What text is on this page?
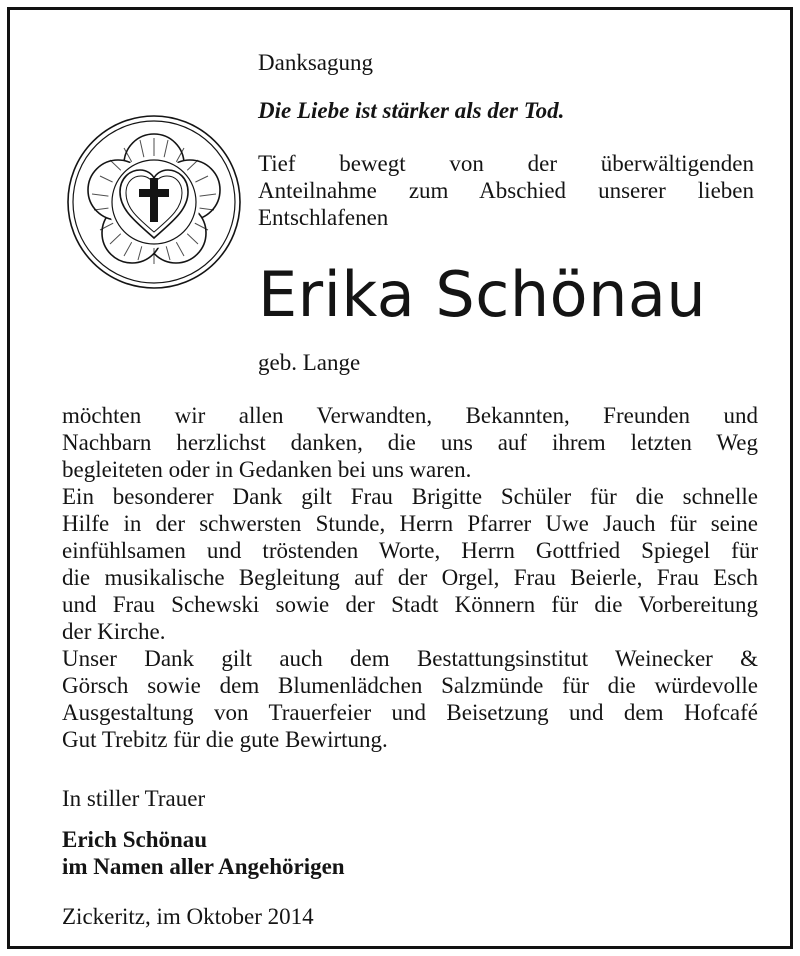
Danksagung

Die Liebe ist stärker als der Tod.

Tief bewegt von der überwältigenden
Anteilnahme zum Abschied unserer lieben
Entschlafenen

Erika Schönau

geb. Lange

möchten wir allen Verwandten, Bekannten, Freunden und
Nachbarn herzlichst danken, die uns auf ihrem letzten Weg
begleiteten oder in Gedanken bei uns waren.
Ein besonderer Dank gilt Frau Brigitte Schüler für die schnelle
Hilfe in der schwersten Stunde, Herrn Pfarrer Uwe Jauch für seine
einfühlsamen und tröstenden Worte, Herrn Gottfried Spiegel für
die musikalische Begleitung auf der Orgel, Frau Beierle, Frau Esch
und Frau Schewski sowie der Stadt Könnern für die Vorbereitung
der Kirche.
Unser Dank gilt auch dem Bestattungsinstitut Weinecker &
Görsch sowie dem Blumenlädchen Salzmünde für die würdevolle
Ausgestaltung von Trauerfeier und Beisetzung und dem Hofcafé
Gut Trebitz für die gute Bewirtung.

In stiller Trauer

Erich Schönau
im Namen aller Angehörigen

Zickeritz, im Oktober 2014
